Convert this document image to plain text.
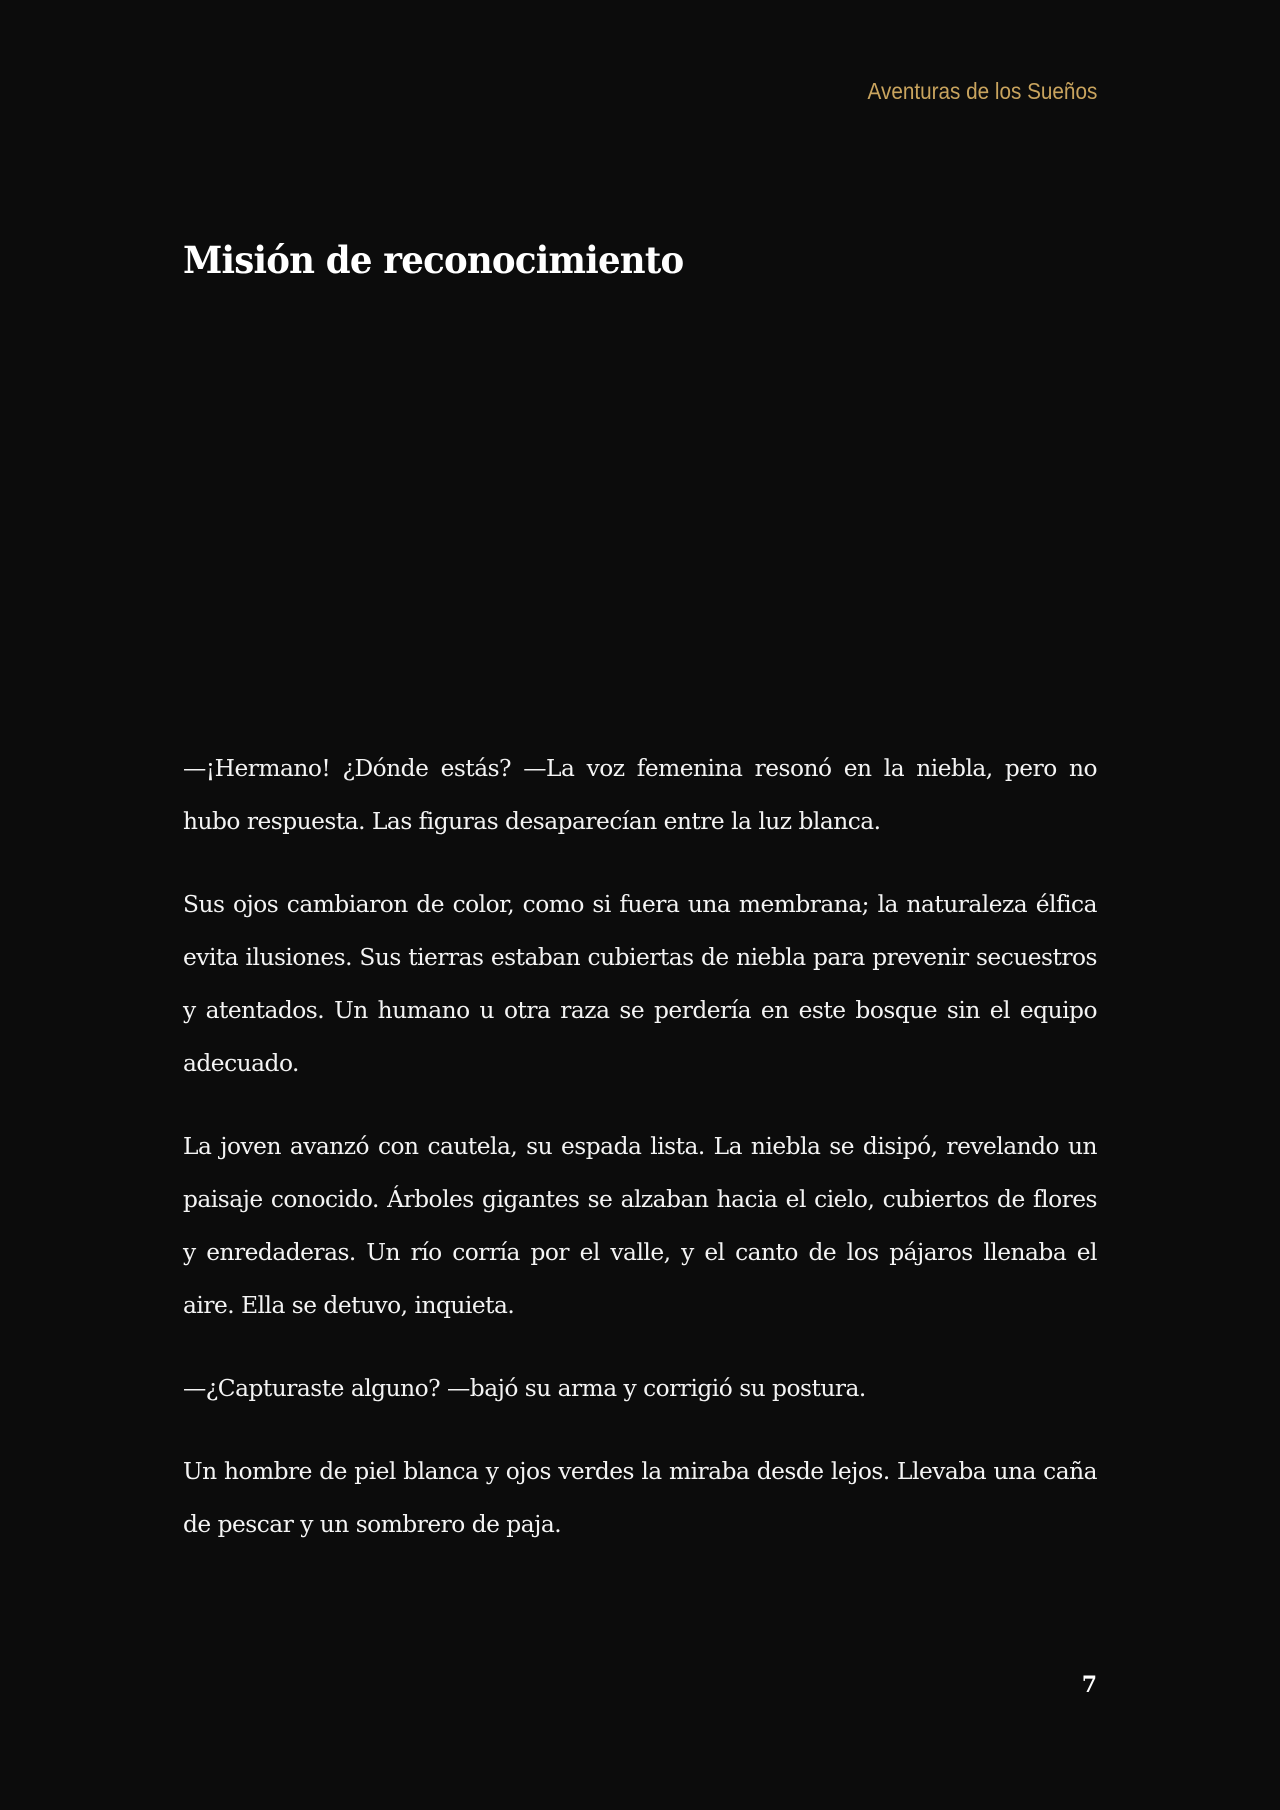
Aventuras de los Sueños
Misión de reconocimiento

—¡Hermano! ¿Dónde estás? —La voz femenina resonó en la niebla, pero no hubo respuesta. Las figuras desaparecían entre la luz blanca.

Sus ojos cambiaron de color, como si fuera una membrana; la naturaleza élfica evita ilusiones. Sus tierras estaban cubiertas de niebla para prevenir secuestros y atentados. Un humano u otra raza se perdería en este bosque sin el equipo adecuado.

La joven avanzó con cautela, su espada lista. La niebla se disipó, revelando un paisaje conocido. Árboles gigantes se alzaban hacia el cielo, cubiertos de flores y enredaderas. Un río corría por el valle, y el canto de los pájaros llenaba el aire. Ella se detuvo, inquieta.

—¿Capturaste alguno? —bajó su arma y corrigió su postura.

Un hombre de piel blanca y ojos verdes la miraba desde lejos. Llevaba una caña de pescar y un sombrero de paja.

7
